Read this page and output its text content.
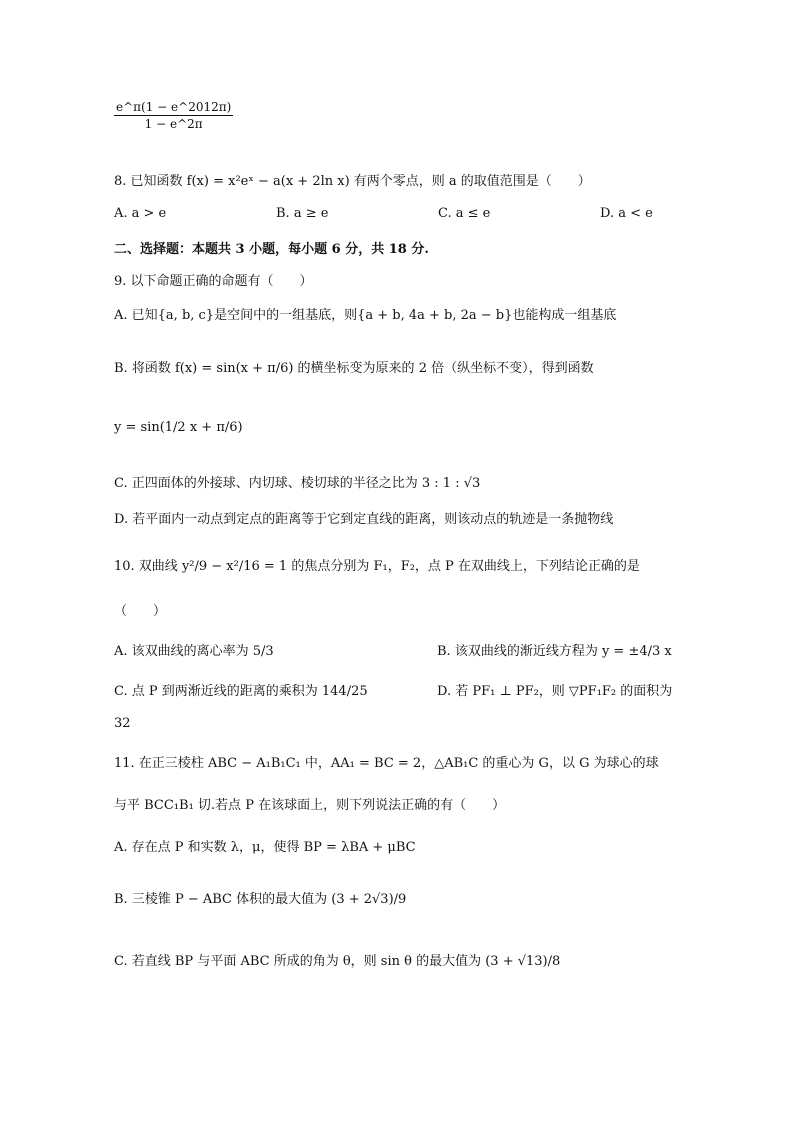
$\frac{e\^{}\pi(1 - e\^{}2012\pi)}{1 - e\^{}2\pi}$
8. 已知函数 f(x) = x²eˣ − a(x + 2ln x) 有两个零点，则 a 的取值范围是（　　）
A. a > e	B. a ≥ e	C. a ≤ e	D. a < e
二、选择题：本题共 3 小题，每小题 6 分，共 18 分.
9. 以下命题正确的命题有（　　）
A. 已知{a, b, c}是空间中的一组基底，则{a + b, 4a + b, 2a − b}也能构成一组基底
B. 将函数 f(x) = sin(x + π/6) 的横坐标变为原来的 2 倍（纵坐标不变），得到函数
y = sin(1/2 x + π/6)
C. 正四面体的外接球、内切球、棱切球的半径之比为 3 : 1 : √3
D. 若平面内一动点到定点的距离等于它到定直线的距离，则该动点的轨迹是一条抛物线
10. 双曲线 y²/9 − x²/16 = 1 的焦点分别为 F₁，F₂，点 P 在双曲线上，下列结论正确的是
（　　）
A. 该双曲线的离心率为 5/3	B. 该双曲线的渐近线方程为 y = ±4/3 x
C. 点 P 到两渐近线的距离的乘积为 144/25	D. 若 PF₁ ⊥ PF₂，则 ▽PF₁F₂ 的面积为
32
11. 在正三棱柱 ABC − A₁B₁C₁ 中，AA₁ = BC = 2，△AB₁C 的重心为 G，以 G 为球心的球
与平 BCC₁B₁ 切.若点 P 在该球面上，则下列说法正确的有（　　）
A. 存在点 P 和实数 λ，μ，使得 BP = λBA + μBC
B. 三棱锥 P − ABC 体积的最大值为 (3 + 2√3)/9
C. 若直线 BP 与平面 ABC 所成的角为 θ，则 sin θ 的最大值为 (3 + √13)/8
